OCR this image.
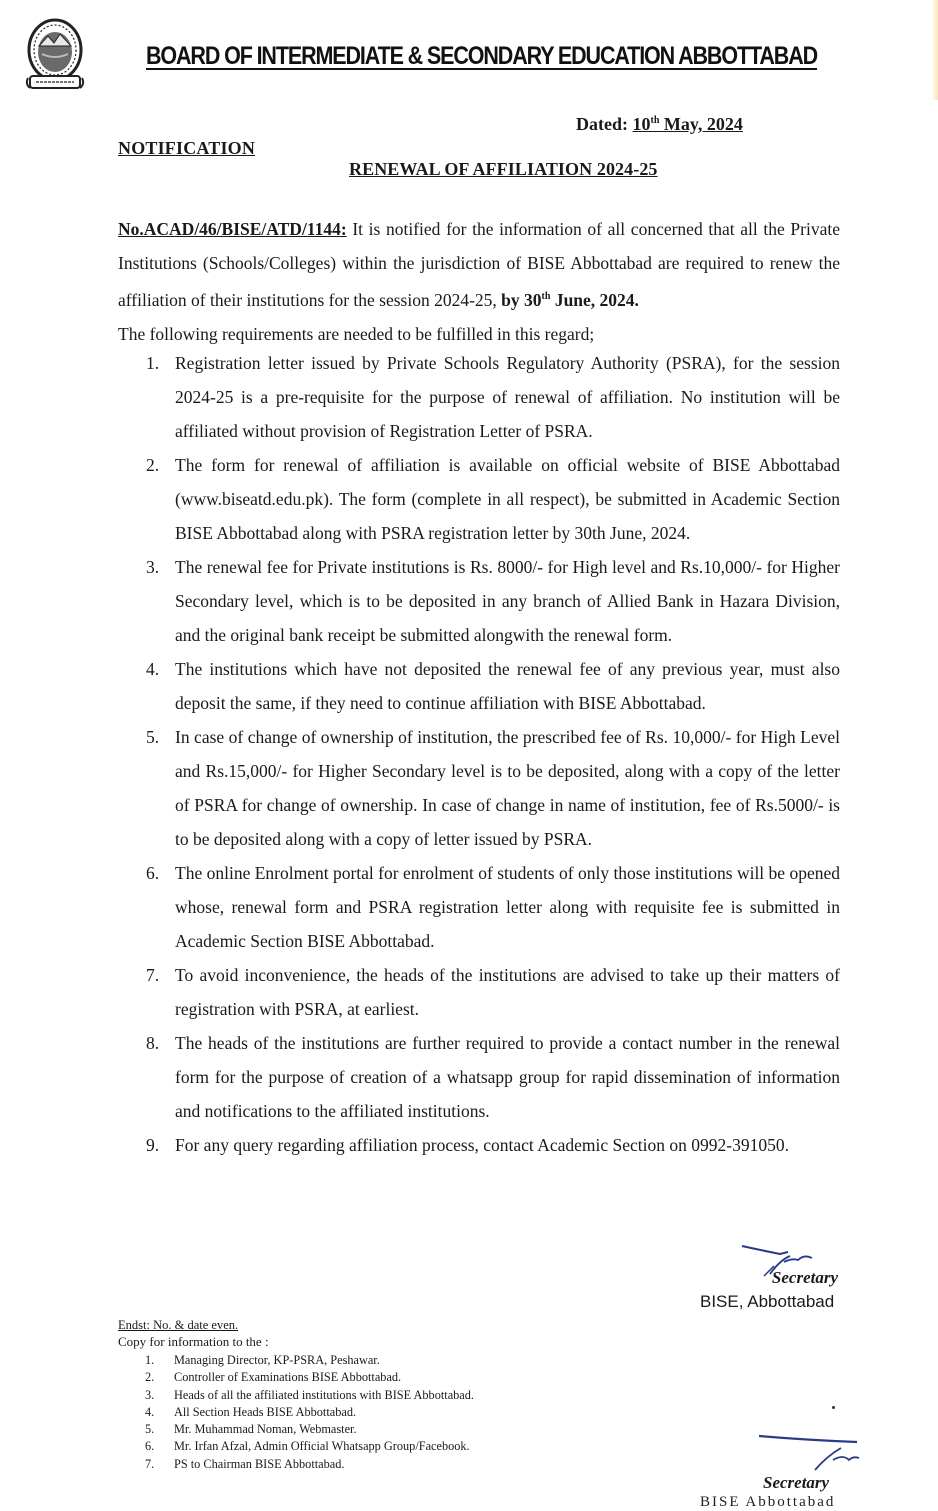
BOARD OF INTERMEDIATE & SECONDARY EDUCATION ABBOTTABAD
Dated: 10th May, 2024
NOTIFICATION
RENEWAL OF AFFILIATION 2024-25
No.ACAD/46/BISE/ATD/1144: It is notified for the information of all concerned that all the Private Institutions (Schools/Colleges) within the jurisdiction of BISE Abbottabad are required to renew the affiliation of their institutions for the session 2024-25, by 30th June, 2024.
The following requirements are needed to be fulfilled in this regard;
1. Registration letter issued by Private Schools Regulatory Authority (PSRA), for the session 2024-25 is a pre-requisite for the purpose of renewal of affiliation. No institution will be affiliated without provision of Registration Letter of PSRA.
2. The form for renewal of affiliation is available on official website of BISE Abbottabad (www.biseatd.edu.pk). The form (complete in all respect), be submitted in Academic Section BISE Abbottabad along with PSRA registration letter by 30th June, 2024.
3. The renewal fee for Private institutions is Rs. 8000/- for High level and Rs.10,000/- for Higher Secondary level, which is to be deposited in any branch of Allied Bank in Hazara Division, and the original bank receipt be submitted alongwith the renewal form.
4. The institutions which have not deposited the renewal fee of any previous year, must also deposit the same, if they need to continue affiliation with BISE Abbottabad.
5. In case of change of ownership of institution, the prescribed fee of Rs. 10,000/- for High Level and Rs.15,000/- for Higher Secondary level is to be deposited, along with a copy of the letter of PSRA for change of ownership. In case of change in name of institution, fee of Rs.5000/- is to be deposited along with a copy of letter issued by PSRA.
6. The online Enrolment portal for enrolment of students of only those institutions will be opened whose, renewal form and PSRA registration letter along with requisite fee is submitted in Academic Section BISE Abbottabad.
7. To avoid inconvenience, the heads of the institutions are advised to take up their matters of registration with PSRA, at earliest.
8. The heads of the institutions are further required to provide a contact number in the renewal form for the purpose of creation of a whatsapp group for rapid dissemination of information and notifications to the affiliated institutions.
9. For any query regarding affiliation process, contact Academic Section on 0992-391050.
Secretary
BISE, Abbottabad
Endst: No. & date even.
Copy for information to the :
1.	Managing Director, KP-PSRA, Peshawar.
2.	Controller of Examinations BISE Abbottabad.
3.	Heads of all the affiliated institutions with BISE Abbottabad.
4.	All Section Heads BISE Abbottabad.
5.	Mr. Muhammad Noman, Webmaster.
6.	Mr. Irfan Afzal, Admin Official Whatsapp Group/Facebook.
7.	PS to Chairman BISE Abbottabad.
Secretary
BISE Abbottabad
